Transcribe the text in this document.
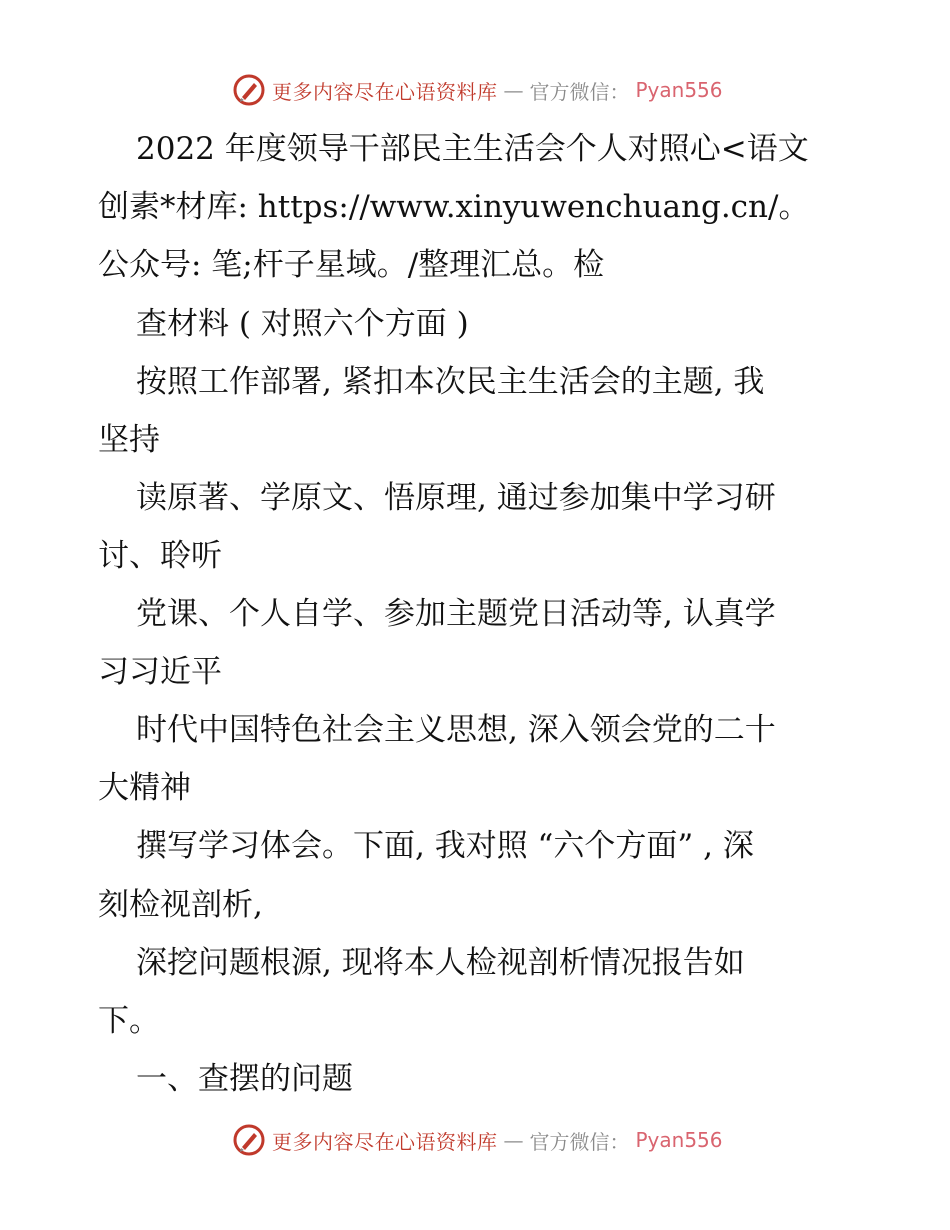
更多内容尽在心语资料库 — 官方微信： Pyan556
2022 年度领导干部民主生活会个人对照心<语文
创素*材库: https://www.xinyuwenchuang.cn/。
公众号: 笔;杆子星域。/整理汇总。检
查材料 ( 对照六个方面 )
按照工作部署, 紧扣本次民主生活会的主题, 我
坚持
读原著、学原文、悟原理, 通过参加集中学习研
讨、聆听
党课、个人自学、参加主题党日活动等, 认真学
习习近平
时代中国特色社会主义思想, 深入领会党的二十
大精神
撰写学习体会。下面, 我对照 “六个方面” , 深
刻检视剖析,
深挖问题根源, 现将本人检视剖析情况报告如
下。
一、查摆的问题
更多内容尽在心语资料库 — 官方微信： Pyan556
